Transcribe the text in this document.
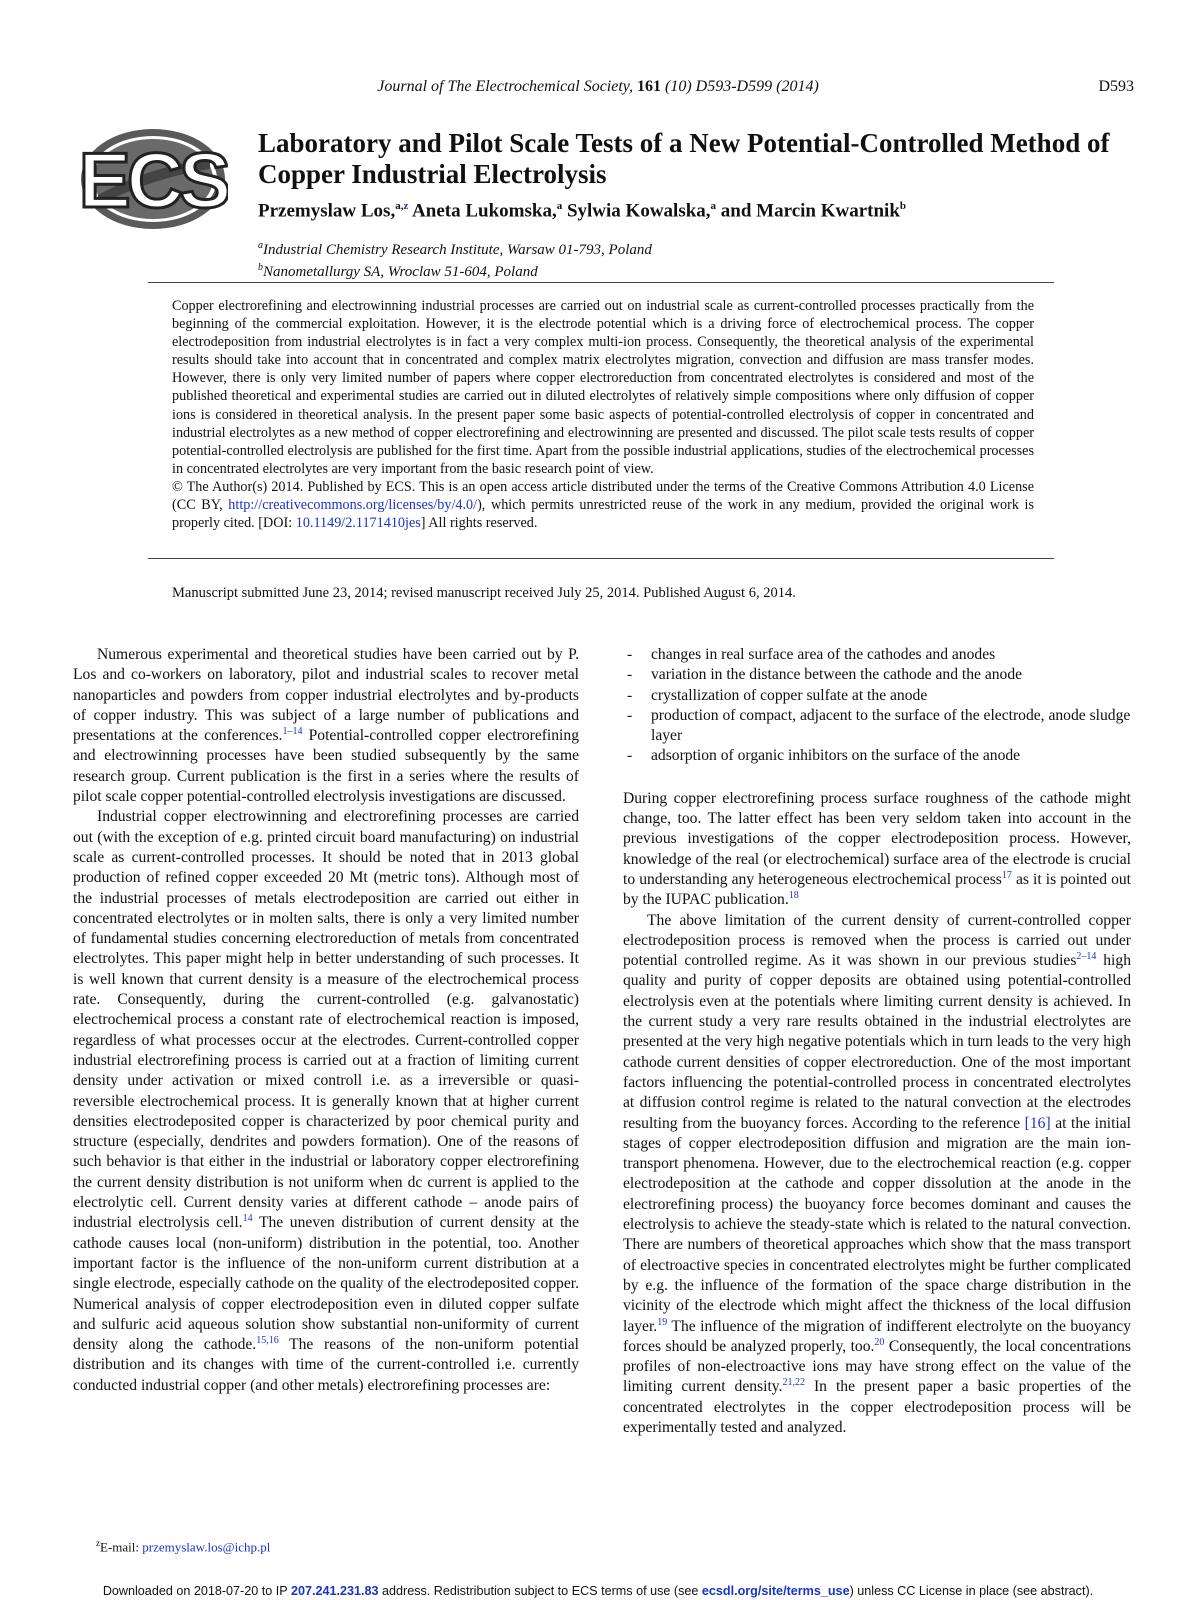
Journal of The Electrochemical Society, 161 (10) D593-D599 (2014)	D593
ECS Laboratory and Pilot Scale Tests of a New Potential-Controlled Method of Copper Industrial Electrolysis
Przemyslaw Los,$^{a,z}$ Aneta Lukomska,$^a$ Sylwia Kowalska,$^a$ and Marcin Kwartnik$^b$
$^a$Industrial Chemistry Research Institute, Warsaw 01-793, Poland
$^b$Nanometallurgy SA, Wroclaw 51-604, Poland

Copper electrorefining and electrowinning industrial processes are carried out on industrial scale as current-controlled processes practically from the beginning of the commercial exploitation. However, it is the electrode potential which is a driving force of electrochemical process. The copper electrodeposition from industrial electrolytes is in fact a very complex multi-ion process. Consequently, the theoretical analysis of the experimental results should take into account that in concentrated and complex matrix electrolytes migration, convection and diffusion are mass transfer modes. However, there is only very limited number of papers where copper electroreduction from concentrated electrolytes is considered and most of the published theoretical and experimental studies are carried out in diluted electrolytes of relatively simple compositions where only diffusion of copper ions is considered in theoretical analysis. In the present paper some basic aspects of potential-controlled electrolysis of copper in concentrated and industrial electrolytes as a new method of copper electrorefining and electrowinning are presented and discussed. The pilot scale tests results of copper potential-controlled electrolysis are published for the first time. Apart from the possible industrial applications, studies of the electrochemical processes in concentrated electrolytes are very important from the basic research point of view.

© The Author(s) 2014. Published by ECS. This is an open access article distributed under the terms of the Creative Commons Attribution 4.0 License (CC BY, http://creativecommons.org/licenses/by/4.0/), which permits unrestricted reuse of the work in any medium, provided the original work is properly cited. [DOI: 10.1149/2.1171410jes] All rights reserved.

Manuscript submitted June 23, 2014; revised manuscript received July 25, 2014. Published August 6, 2014.

Numerous experimental and theoretical studies have been carried out by P. Los and co-workers on laboratory, pilot and industrial scales to recover metal nanoparticles and powders from copper industrial electrolytes and by-products of copper industry. This was subject of a large number of publications and presentations at the conferences.$^{1-14}$ Potential-controlled copper electrorefining and electrowinning processes have been studied subsequently by the same research group. Current publication is the first in a series where the results of pilot scale copper potential-controlled electrolysis investigations are discussed.

Industrial copper electrowinning and electrorefining processes are carried out (with the exception of e.g. printed circuit board manufacturing) on industrial scale as current-controlled processes. It should be noted that in 2013 global production of refined copper exceeded 20 Mt (metric tons). Although most of the industrial processes of metals electrodeposition are carried out either in concentrated electrolytes or in molten salts, there is only a very limited number of fundamental studies concerning electroreduction of metals from concentrated electrolytes. This paper might help in better understanding of such processes. It is well known that current density is a measure of the electrochemical process rate. Consequently, during the current-controlled (e.g. galvanostatic) electrochemical process a constant rate of electrochemical reaction is imposed, regardless of what processes occur at the electrodes. Current-controlled copper industrial electrorefining process is carried out at a fraction of limiting current density under activation or mixed controll i.e. as a irreversible or quasi-reversible electrochemical process. It is generally known that at higher current densities electrodeposited copper is characterized by poor chemical purity and structure (especially, dendrites and powders formation). One of the reasons of such behavior is that either in the industrial or laboratory copper electrorefining the current density distribution is not uniform when dc current is applied to the electrolytic cell. Current density varies at different cathode – anode pairs of industrial electrolysis cell.$^{14}$ The uneven distribution of current density at the cathode causes local (non-uniform) distribution in the potential, too. Another important factor is the influence of the non-uniform current distribution at a single electrode, especially cathode on the quality of the electrodeposited copper. Numerical analysis of copper electrodeposition even in diluted copper sulfate and sulfuric acid aqueous solution show substantial non-uniformity of current density along the cathode.$^{15,16}$ The reasons of the non-uniform potential distribution and its changes with time of the current-controlled i.e. currently conducted industrial copper (and other metals) electrorefining processes are:

- changes in real surface area of the cathodes and anodes
- variation in the distance between the cathode and the anode
- crystallization of copper sulfate at the anode
- production of compact, adjacent to the surface of the electrode, anode sludge layer
- adsorption of organic inhibitors on the surface of the anode

During copper electrorefining process surface roughness of the cathode might change, too. The latter effect has been very seldom taken into account in the previous investigations of the copper electrodeposition process. However, knowledge of the real (or electrochemical) surface area of the electrode is crucial to understanding any heterogeneous electrochemical process$^{17}$ as it is pointed out by the IUPAC publication.$^{18}$

The above limitation of the current density of current-controlled copper electrodeposition process is removed when the process is carried out under potential controlled regime. As it was shown in our previous studies$^{2-14}$ high quality and purity of copper deposits are obtained using potential-controlled electrolysis even at the potentials where limiting current density is achieved. In the current study a very rare results obtained in the industrial electrolytes are presented at the very high negative potentials which in turn leads to the very high cathode current densities of copper electroreduction. One of the most important factors influencing the potential-controlled process in concentrated electrolytes at diffusion control regime is related to the natural convection at the electrodes resulting from the buoyancy forces. According to the reference [16] at the initial stages of copper electrodeposition diffusion and migration are the main ion-transport phenomena. However, due to the electrochemical reaction (e.g. copper electrodeposition at the cathode and copper dissolution at the anode in the electrorefining process) the buoyancy force becomes dominant and causes the electrolysis to achieve the steady-state which is related to the natural convection. There are numbers of theoretical approaches which show that the mass transport of electroactive species in concentrated electrolytes might be further complicated by e.g. the influence of the formation of the space charge distribution in the vicinity of the electrode which might affect the thickness of the local diffusion layer.$^{19}$ The influence of the migration of indifferent electrolyte on the buoyancy forces should be analyzed properly, too.$^{20}$ Consequently, the local concentrations profiles of non-electroactive ions may have strong effect on the value of the limiting current density.$^{21,22}$ In the present paper a basic properties of the concentrated electrolytes in the copper electrodeposition process will be experimentally tested and analyzed.

$^z$E-mail: przemyslaw.los@ichp.pl
Downloaded on 2018-07-20 to IP 207.241.231.83 address. Redistribution subject to ECS terms of use (see ecsdl.org/site/terms_use) unless CC License in place (see abstract).
